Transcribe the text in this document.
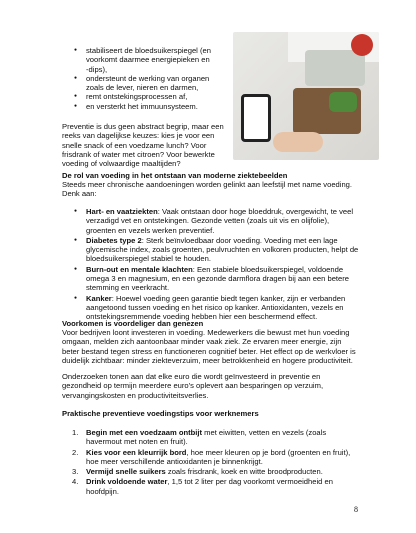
● stabiliseert de bloedsuikerspiegel (en voorkomt daarmee energiepieken en -dips),
● ondersteunt de werking van organen zoals de lever, nieren en darmen,
● remt ontstekingsprocessen af,
● en versterkt het immuunsysteem.

Preventie is dus geen abstract begrip, maar een reeks van dagelijkse keuzes: kies je voor een snelle snack of een voedzame lunch? Voor frisdrank of water met citroen? Voor bewerkte voeding of volwaardige maaltijden?

De rol van voeding in het ontstaan van moderne ziektebeelden

Steeds meer chronische aandoeningen worden gelinkt aan leefstijl met name voeding. Denk aan:

● Hart- en vaatziekten: Vaak ontstaan door hoge bloeddruk, overgewicht, te veel verzadigd vet en ontstekingen. Gezonde vetten (zoals uit vis en olijfolie), groenten en vezels werken preventief.
● Diabetes type 2: Sterk beïnvloedbaar door voeding. Voeding met een lage glycemische index, zoals groenten, peulvruchten en volkoren producten, helpt de bloedsuikerspiegel stabiel te houden.
● Burn-out en mentale klachten: Een stabiele bloedsuikerspiegel, voldoende omega 3 en magnesium, en een gezonde darmflora dragen bij aan een betere stemming en veerkracht.
● Kanker: Hoewel voeding geen garantie biedt tegen kanker, zijn er verbanden aangetoond tussen voeding en het risico op kanker. Antioxidanten, vezels en ontstekingsremmende voeding hebben hier een beschermend effect.

Voorkomen is voordeliger dan genezen

Voor bedrijven loont investeren in voeding. Medewerkers die bewust met hun voeding omgaan, melden zich aantoonbaar minder vaak ziek. Ze ervaren meer energie, zijn beter bestand tegen stress en functioneren cognitief beter. Het effect op de werkvloer is duidelijk zichtbaar: minder ziekteverzuim, meer betrokkenheid en hogere productiviteit.

Onderzoeken tonen aan dat elke euro die wordt geïnvesteerd in preventie en gezondheid op termijn meerdere euro's oplevert aan besparingen op verzuim, vervangingskosten en productiviteitsverlies.

Praktische preventieve voedingstips voor werknemers

1. Begin met een voedzaam ontbijt met eiwitten, vetten en vezels (zoals havermout met noten en fruit).
2. Kies voor een kleurrijk bord, hoe meer kleuren op je bord (groenten en fruit), hoe meer verschillende antioxidanten je binnenkrijgt.
3. Vermijd snelle suikers zoals frisdrank, koek en witte broodproducten.
4. Drink voldoende water, 1,5 tot 2 liter per dag voorkomt vermoeidheid en hoofdpijn.
8
